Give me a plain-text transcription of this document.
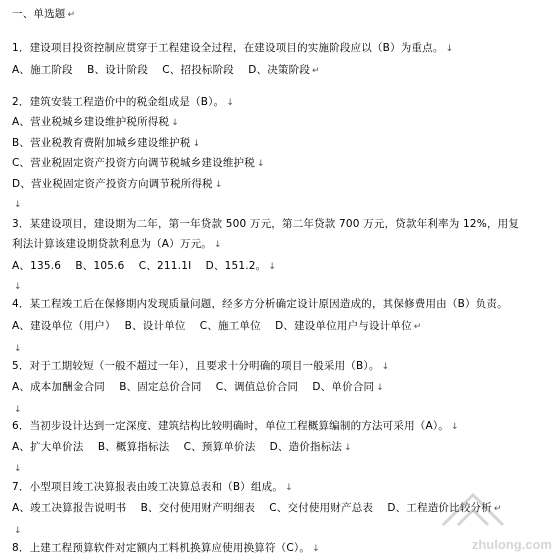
一、单选题 ↵
1．建设项目投资控制应贯穿于工程建设全过程，在建设项目的实施阶段应以（B）为重点。 ↓
A、施工阶段　 B、设计阶段　 C、招投标阶段　 D、决策阶段 ↵
2．建筑安装工程造价中的税金组成是（B）。 ↓
A、营业税城乡建设维护税所得税 ↓
B、营业税教育费附加城乡建设维护税 ↓
C、营业税固定资产投资方向调节税城乡建设维护税 ↓
D、营业税固定资产投资方向调节税所得税 ↓
↓
3．某建设项目，建设期为二年，第一年贷款 500 万元，第二年贷款 700 万元，贷款年利率为 12%，用复
利法计算该建设期贷款利息为（A）万元。 ↓
A、135.6　 B、105.6　 C、211.1I　 D、151.2。 ↓
↓
4．某工程竣工后在保修期内发现质量问题，经多方分析确定设计原因造成的，其保修费用由（B）负责。
A、建设单位（用户）　 B、设计单位　 C、施工单位　 D、建设单位用户与设计单位 ↵
↓
5．对于工期较短（一般不超过一年），且要求十分明确的项目一般采用（B）。 ↓
A、成本加酬金合同　 B、固定总价合同　 C、调值总价合同　 D、单价合同 ↓
↓
6．当初步设计达到一定深度、建筑结构比较明确时，单位工程概算编制的方法可采用（A）。 ↓
A、扩大单价法　 B、概算指标法　 C、预算单价法　 D、造价指标法 ↓
↓
7．小型项目竣工决算报表由竣工决算总表和（B）组成。 ↓
A、竣工决算报告说明书　 B、交付使用财产明细表　 C、交付使用财产总表　 D、工程造价比较分析 ↵
↓
8．上建工程预算软件对定额内工料机换算应使用换算符（C）。 ↓	zhulong.com
